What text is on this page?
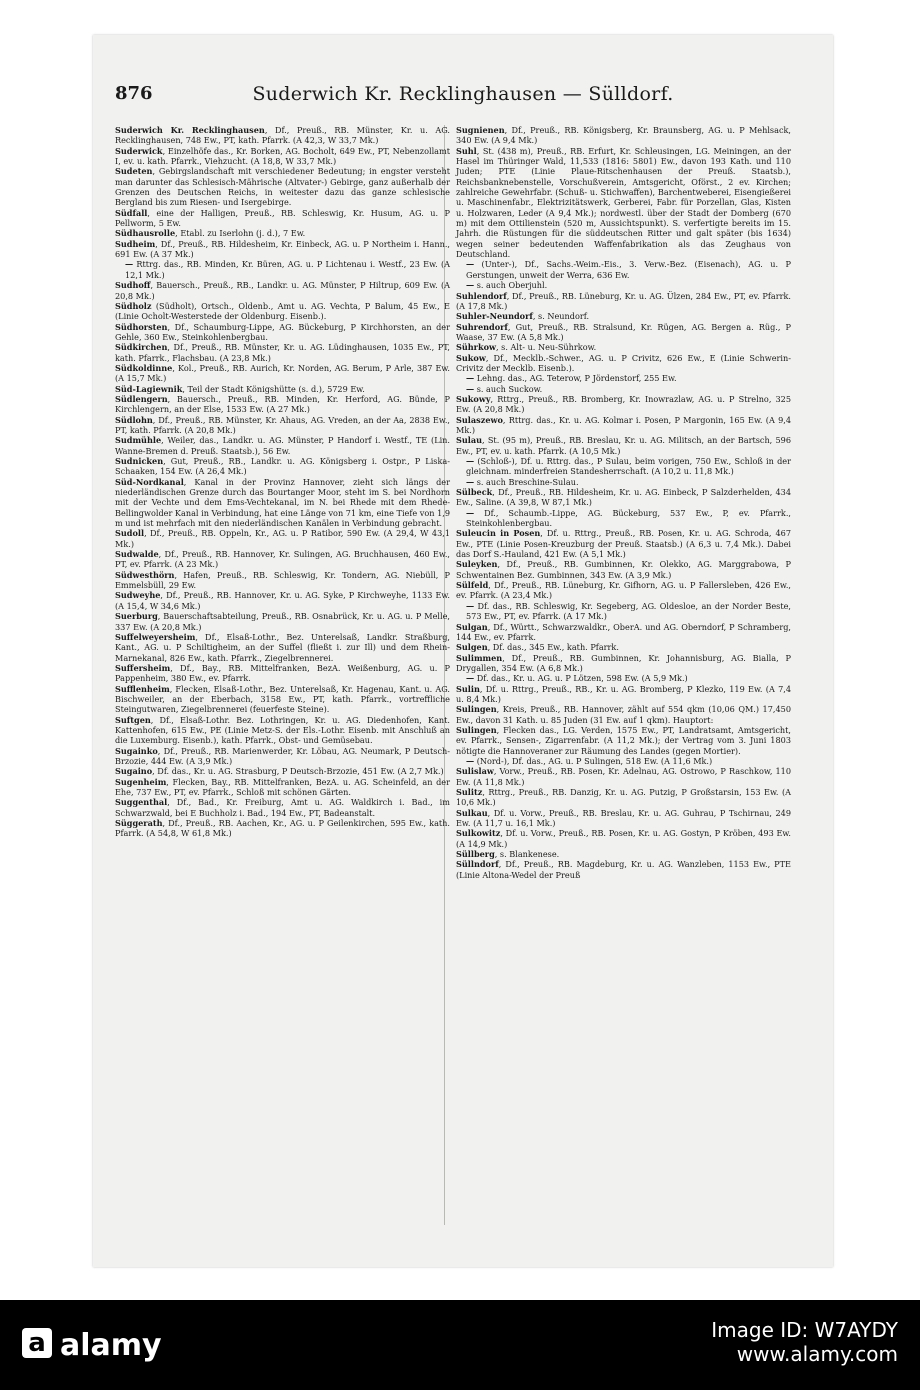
876	Suderwich Kr. Recklinghausen — Sülldorf.

Suderwich Kr. Recklinghausen, Df., Preuß., RB. Münster, Kr. u. AG. Recklinghausen, 748 Ew., PT, kath. Pfarrk. (A 42,3, W 33,7 Mk.)

Suderwick, Einzelhöfe das., Kr. Borken, AG. Bocholt, 649 Ew., PT, Nebenzollamt I, ev. u. kath. Pfarrk., Viehzucht. (A 18,8, W 33,7 Mk.)

Sudeten, Gebirgslandschaft mit verschiedener Bedeutung; in engster versteht man darunter das Schlesisch-Mährische (Altvater-) Gebirge, ganz außerhalb der Grenzen des Deutschen Reichs, in weitester dazu das ganze schlesische Bergland bis zum Riesen- und Isergebirge.

Südfall, eine der Halligen, Preuß., RB. Schleswig, Kr. Husum, AG. u. P Pellworm, 5 Ew.

Südhausrolle, Etabl. zu Iserlohn (j. d.), 7 Ew.

Sudheim, Df., Preuß., RB. Hildesheim, Kr. Einbeck, AG. u. P Northeim i. Hann., 691 Ew. (A 37 Mk.)

— Rttrg. das., RB. Minden, Kr. Büren, AG. u. P Lichtenau i. Westf., 23 Ew. (A 12,1 Mk.)

Sudhoff, Bauersch., Preuß., RB., Landkr. u. AG. Münster, P Hiltrup, 609 Ew. (A 20,8 Mk.)

Südholz (Südholt), Ortsch., Oldenb., Amt u. AG. Vechta, P Balum, 45 Ew., E (Linie Ocholt-Westerstede der Oldenburg. Eisenb.).

Südhorsten, Df., Schaumburg-Lippe, AG. Bückeburg, P Kirchhorsten, an der Gehle, 360 Ew., Steinkohlenbergbau.

Südkirchen, Df., Preuß., RB. Münster, Kr. u. AG. Lüdinghausen, 1035 Ew., PT, kath. Pfarrk., Flachsbau. (A 23,8 Mk.)

Südkoldinne, Kol., Preuß., RB. Aurich, Kr. Norden, AG. Berum, P Arle, 387 Ew. (A 15,7 Mk.)

Süd-Lagiewnik, Teil der Stadt Königshütte (s. d.), 5729 Ew.

Südlengern, Bauersch., Preuß., RB. Minden, Kr. Herford, AG. Bünde, P Kirchlengern, an der Else, 1533 Ew. (A 27 Mk.)

Südlohn, Df., Preuß., RB. Münster, Kr. Ahaus, AG. Vreden, an der Aa, 2838 Ew., PT, kath. Pfarrk. (A 20,8 Mk.)

Sudmühle, Weiler, das., Landkr. u. AG. Münster, P Handorf i. Westf., TE (Lin. Wanne-Bremen d. Preuß. Staatsb.), 56 Ew.

Sudnicken, Gut, Preuß., RB., Landkr. u. AG. Königsberg i. Ostpr., P Liska-Schaaken, 154 Ew. (A 26,4 Mk.)

Süd-Nordkanal, Kanal in der Provinz Hannover, zieht sich längs der niederländischen Grenze durch das Bourtanger Moor, steht im S. bei Nordhorn mit der Vechte und dem Ems-Vechtekanal, im N. bei Rhede mit dem Rhede-Bellingwolder Kanal in Verbindung, hat eine Länge von 71 km, eine Tiefe von 1,9 m und ist mehrfach mit den niederländischen Kanälen in Verbindung gebracht.

Sudoll, Df., Preuß., RB. Oppeln, Kr., AG. u. P Ratibor, 590 Ew. (A 29,4, W 43,1 Mk.)

Sudwalde, Df., Preuß., RB. Hannover, Kr. Sulingen, AG. Bruchhausen, 460 Ew., PT, ev. Pfarrk. (A 23 Mk.)

Südwesthörn, Hafen, Preuß., RB. Schleswig, Kr. Tondern, AG. Niebüll, P Emmelsbüll, 29 Ew.

Sudweyhe, Df., Preuß., RB. Hannover, Kr. u. AG. Syke, P Kirchweyhe, 1133 Ew. (A 15,4, W 34,6 Mk.)

Suerburg, Bauerschaftsabteilung, Preuß., RB. Osnabrück, Kr. u. AG. u. P Melle, 337 Ew. (A 20,8 Mk.)

Suffelweyersheim, Df., Elsaß-Lothr., Bez. Unterelsaß, Landkr. Straßburg, Kant., AG. u. P Schiltigheim, an der Suffel (fließt i. zur Ill) und dem Rhein-Marnekanal, 826 Ew., kath. Pfarrk., Ziegelbrennerei.

Suffersheim, Df., Bay., RB. Mittelfranken, BezA. Weißenburg, AG. u. P Pappenheim, 380 Ew., ev. Pfarrk.

Sufflenheim, Flecken, Elsaß-Lothr., Bez. Unterelsaß, Kr. Hagenau, Kant. u. AG. Bischweiler, an der Eberbach, 3158 Ew., PT, kath. Pfarrk., vortreffliche Steingutwaren, Ziegelbrennerei (feuerfeste Steine).

Suftgen, Df., Elsaß-Lothr. Bez. Lothringen, Kr. u. AG. Diedenhofen, Kant. Kattenhofen, 615 Ew., PE (Linie Metz-S. der Els.-Lothr. Eisenb. mit Anschluß an die Luxemburg. Eisenb.), kath. Pfarrk., Obst- und Gemüsebau.

Sugainko, Df., Preuß., RB. Marienwerder, Kr. Löbau, AG. Neumark, P Deutsch-Brzozie, 444 Ew. (A 3,9 Mk.)

Sugaino, Df. das., Kr. u. AG. Strasburg, P Deutsch-Brzozie, 451 Ew. (A 2,7 Mk.)

Sugenheim, Flecken, Bay., RB. Mittelfranken, BezA. u. AG. Scheinfeld, an der Ehe, 737 Ew., PT, ev. Pfarrk., Schloß mit schönen Gärten.

Suggenthal, Df., Bad., Kr. Freiburg, Amt u. AG. Waldkirch i. Bad., im Schwarzwald, bei E Buchholz i. Bad., 194 Ew., PT, Badeanstalt.

Süggerath, Df., Preuß., RB. Aachen, Kr., AG. u. P Geilenkirchen, 595 Ew., kath. Pfarrk. (A 54,8, W 61,8 Mk.)

Sugnienen, Df., Preuß., RB. Königsberg, Kr. Braunsberg, AG. u. P Mehlsack, 340 Ew. (A 9,4 Mk.)

Suhl, St. (438 m), Preuß., RB. Erfurt, Kr. Schleusingen, LG. Meiningen, an der Hasel im Thüringer Wald, 11,533 (1816: 5801) Ew., davon 193 Kath. und 110 Juden; PTE (Linie Plaue-Ritschenhausen der Preuß. Staatsb.), Reichsbanknebenstelle, Vorschußverein, Amtsgericht, Oförst., 2 ev. Kirchen; zahlreiche Gewehrfabr. (Schuß- u. Stichwaffen), Barchentweberei, Eisengießerei u. Maschinenfabr., Elektrizitätswerk, Gerberei, Fabr. für Porzellan, Glas, Kisten u. Holzwaren, Leder (A 9,4 Mk.); nordwestl. über der Stadt der Domberg (670 m) mit dem Ottilienstein (520 m, Aussichtspunkt). S. verfertigte bereits im 15. Jahrh. die Rüstungen für die süddeutschen Ritter und galt später (bis 1634) wegen seiner bedeutenden Waffenfabrikation als das Zeughaus von Deutschland.

— (Unter-), Df., Sachs.-Weim.-Eis., 3. Verw.-Bez. (Eisenach), AG. u. P Gerstungen, unweit der Werra, 636 Ew.

— s. auch Oberjuhl.

Suhlendorf, Df., Preuß., RB. Lüneburg, Kr. u. AG. Ülzen, 284 Ew., PT, ev. Pfarrk. (A 17,8 Mk.)

Suhler-Neundorf, s. Neundorf.

Suhrendorf, Gut, Preuß., RB. Stralsund, Kr. Rügen, AG. Bergen a. Rüg., P Waase, 37 Ew. (A 5,8 Mk.)

Sührkow, s. Alt- u. Neu-Sührkow.

Sukow, Df., Mecklb.-Schwer., AG. u. P Crivitz, 626 Ew., E (Linie Schwerin-Crivitz der Mecklb. Eisenb.).

— Lehng. das., AG. Teterow, P Jördenstorf, 255 Ew.

— s. auch Suckow.

Sukowy, Rttrg., Preuß., RB. Bromberg, Kr. Inowrazlaw, AG. u. P Strelno, 325 Ew. (A 20,8 Mk.)

Sulaszewo, Rttrg. das., Kr. u. AG. Kolmar i. Posen, P Margonin, 165 Ew. (A 9,4 Mk.)

Sulau, St. (95 m), Preuß., RB. Breslau, Kr. u. AG. Militsch, an der Bartsch, 596 Ew., PT, ev. u. kath. Pfarrk. (A 10,5 Mk.)

— (Schloß-), Df. u. Rttrg. das., P Sulau, beim vorigen, 750 Ew., Schloß in der gleichnam. minderfreien Standesherrschaft. (A 10,2 u. 11,8 Mk.)

— s. auch Breschine-Sulau.

Sülbeck, Df., Preuß., RB. Hildesheim, Kr. u. AG. Einbeck, P Salzderhelden, 434 Ew., Saline. (A 39,8, W 87,1 Mk.)

— Df., Schaumb.-Lippe, AG. Bückeburg, 537 Ew., P, ev. Pfarrk., Steinkohlenbergbau.

Suleucin in Posen, Df. u. Rttrg., Preuß., RB. Posen, Kr. u. AG. Schroda, 467 Ew., PTE (Linie Posen-Kreuzburg der Preuß. Staatsb.) (A 6,3 u. 7,4 Mk.). Dabei das Dorf S.-Hauland, 421 Ew. (A 5,1 Mk.)

Suleyken, Df., Preuß., RB. Gumbinnen, Kr. Olekko, AG. Marggrabowa, P Schwentainen Bez. Gumbinnen, 343 Ew. (A 3,9 Mk.)

Sülfeld, Df., Preuß., RB. Lüneburg, Kr. Gifhorn, AG. u. P Fallersleben, 426 Ew., ev. Pfarrk. (A 23,4 Mk.)

— Df. das., RB. Schleswig, Kr. Segeberg, AG. Oldesloe, an der Norder Beste, 573 Ew., PT, ev. Pfarrk. (A 17 Mk.)

Sulgan, Df., Württ., Schwarzwaldkr., OberA. und AG. Oberndorf, P Schramberg, 144 Ew., ev. Pfarrk.

Sulgen, Df. das., 345 Ew., kath. Pfarrk.

Sulimmen, Df., Preuß., RB. Gumbinnen, Kr. Johannisburg, AG. Bialla, P Drygallen, 354 Ew. (A 6,8 Mk.)

— Df. das., Kr. u. AG. u. P Lötzen, 598 Ew. (A 5,9 Mk.)

Sulin, Df. u. Rttrg., Preuß., RB., Kr. u. AG. Bromberg, P Klezko, 119 Ew. (A 7,4 u. 8,4 Mk.)

Sulingen, Kreis, Preuß., RB. Hannover, zählt auf 554 qkm (10,06 QM.) 17,450 Ew., davon 31 Kath. u. 85 Juden (31 Ew. auf 1 qkm). Hauptort:

Sulingen, Flecken das., LG. Verden, 1575 Ew., PT, Landratsamt, Amtsgericht, ev. Pfarrk., Sensen-, Zigarrenfabr. (A 11,2 Mk.); der Vertrag vom 3. Juni 1803 nötigte die Hannoveraner zur Räumung des Landes (gegen Mortier).

— (Nord-), Df. das., AG. u. P Sulingen, 518 Ew. (A 11,6 Mk.)

Sulislaw, Vorw., Preuß., RB. Posen, Kr. Adelnau, AG. Ostrowo, P Raschkow, 110 Ew. (A 11,8 Mk.)

Sulitz, Rttrg., Preuß., RB. Danzig, Kr. u. AG. Putzig, P Großstarsin, 153 Ew. (A 10,6 Mk.)

Sulkau, Df. u. Vorw., Preuß., RB. Breslau, Kr. u. AG. Guhrau, P Tschirnau, 249 Ew. (A 11,7 u. 16,1 Mk.)

Sulkowitz, Df. u. Vorw., Preuß., RB. Posen, Kr. u. AG. Gostyn, P Kröben, 493 Ew. (A 14,9 Mk.)

Süllberg, s. Blankenese.

Süllndorf, Df., Preuß., RB. Magdeburg, Kr. u. AG. Wanzleben, 1153 Ew., PTE (Linie Altona-Wedel der Preuß

a alamy	Image ID: W7AYDY
www.alamy.com
